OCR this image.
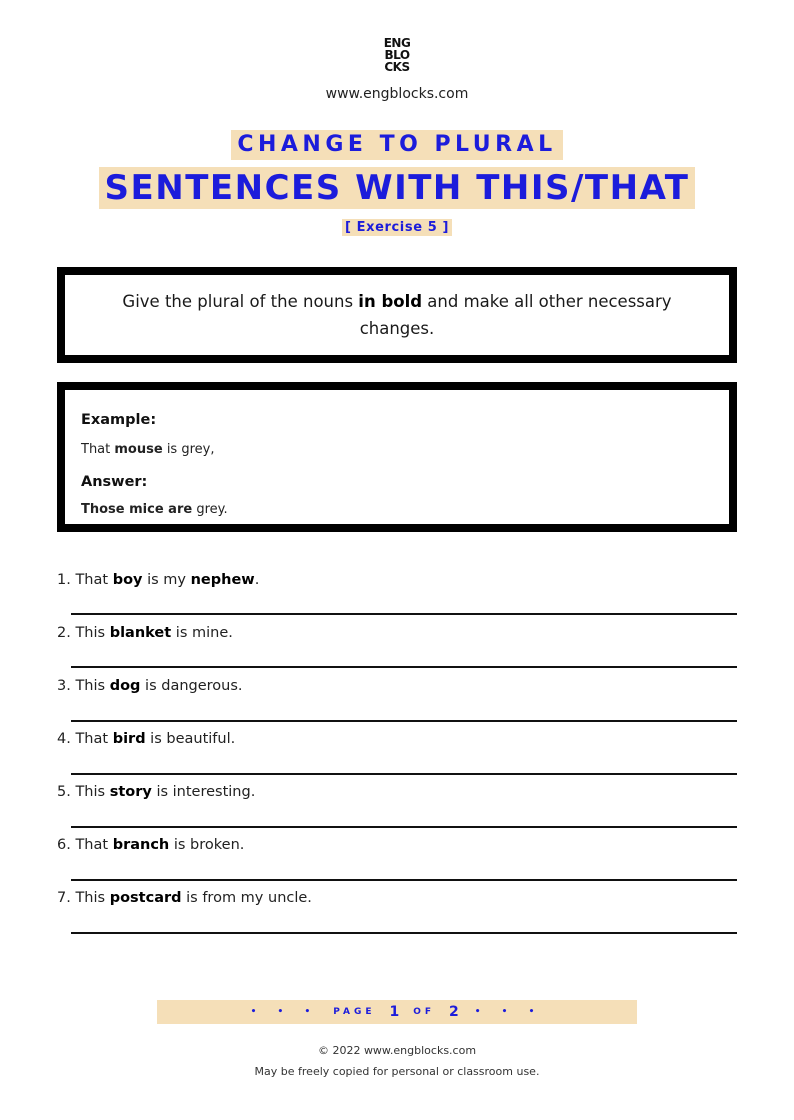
ENG
BLO
CKS
www.engblocks.com
CHANGE TO PLURAL
SENTENCES WITH THIS/THAT
[ Exercise 5 ]

Give the plural of the nouns in bold and make all other necessary changes.

Example:
That mouse is grey,
Answer:
Those mice are grey.
1. That boy is my nephew.
2. This blanket is mine.
3. This dog is dangerous.
4. That bird is beautiful.
5. This story is interesting.
6. That branch is broken.
7. This postcard is from my uncle.
• • • PAGE 1 OF 2 • • •
© 2022 www.engblocks.com
May be freely copied for personal or classroom use.
